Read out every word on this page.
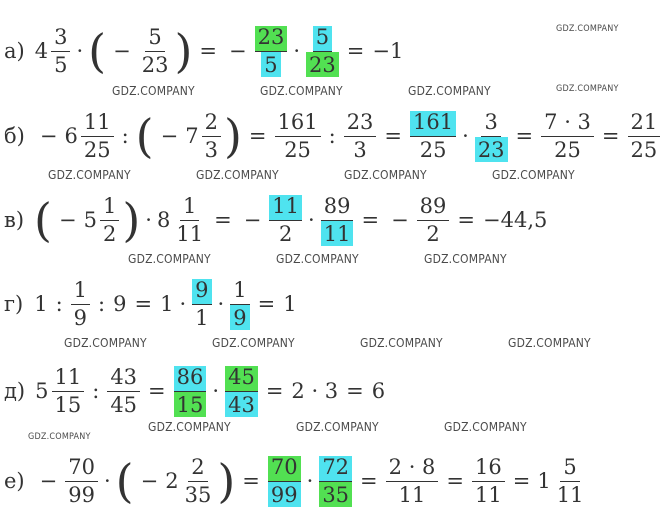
а) $4 \frac{3}{5}$ · ( − $\frac{5}{23}$ ) = − $\frac{23}{5} \cdot \frac{5}{23} = -1$
$б) - 6 \frac{11}{25}$ : ( − $7 \frac{2}{3}$ ) = $\frac{161}{25}$ : $\frac{23}{3} = \frac{161}{25} \cdot \frac{3}{23} = \frac{7 \cdot 3}{25} = \frac{21}{25}$
в) ( − $5 \frac{1}{2}$ ) · $8 \frac{1}{11}$ = − $\frac{11}{2} \cdot \frac{89}{11}$ = − $\frac{89}{2} = -44,5$
г) 1 : $\frac{1}{9}$ : $9 = 1 \cdot \frac{9}{1} \cdot \frac{1}{9} = 1$
д) $5 \frac{11}{15}$ : $\frac{43}{45} = \frac{86}{15} \cdot \frac{45}{43} = 2 \cdot 3 = 6$
$е) - \frac{70}{99}$ · ( − $2 \frac{2}{35}$ ) = $\frac{70}{99} \cdot \frac{72}{35} = \frac{2 \cdot 8}{11} = \frac{16}{11} = 1 \frac{5}{11}$
GDZ.COMPANY
GDZ.COMPANY	GDZ.COMPANY	GDZ.COMPANY	GDZ.COMPANY
GDZ.COMPANY	GDZ.COMPANY	GDZ.COMPANY	GDZ.COMPANY
GDZ.COMPANY	GDZ.COMPANY	GDZ.COMPANY
GDZ.COMPANY	GDZ.COMPANY	GDZ.COMPANY	GDZ.COMPANY
GDZ.COMPANY	GDZ.COMPANY	GDZ.COMPANY
GDZ.COMPANY
